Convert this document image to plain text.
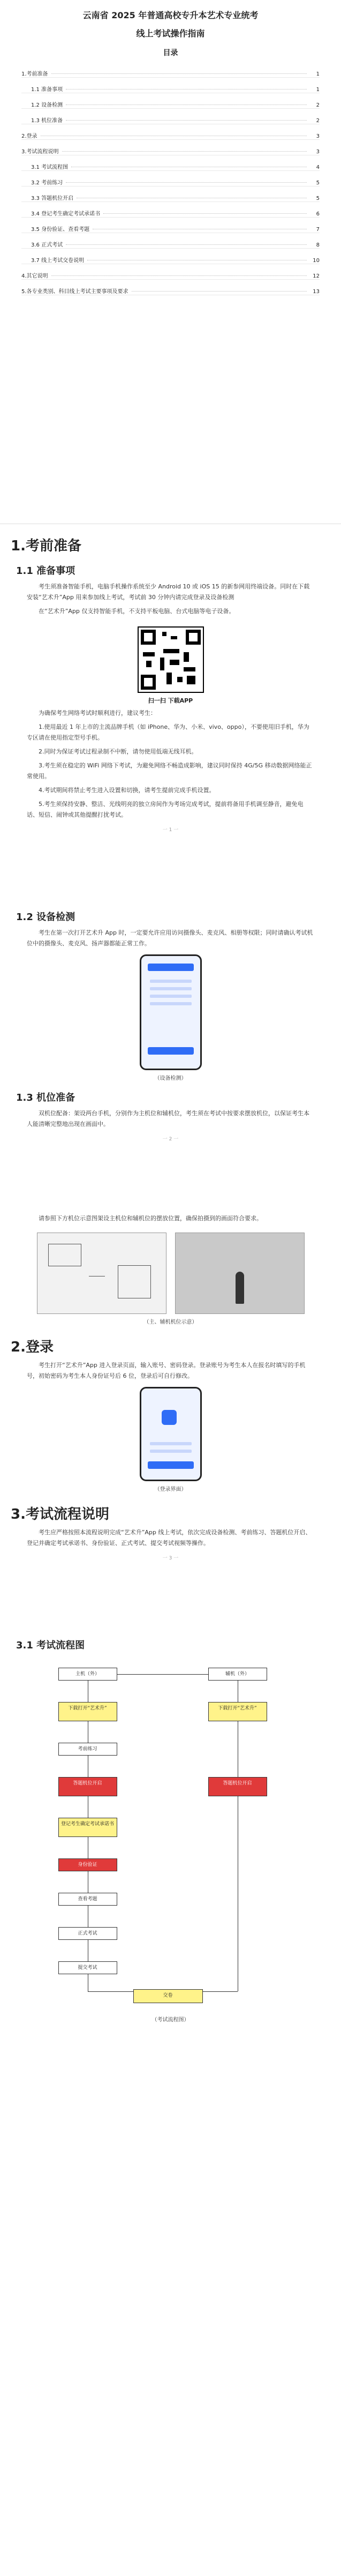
云南省 2025 年普通高校专升本艺术专业统考
线上考试操作指南
目录
1.考前准备	1
1.1 准备事项	1
1.2 设备检测	2
1.3 机位准备	2
2.登录	3
3.考试流程说明	3
3.1 考试流程图	4
3.2 考前练习	5
3.3 答题机位开启	5
3.4 登记考生确定考试承诺书	6
3.5 身份验证、查看考题	7
3.6 正式考试	8
3.7 线上考试交卷说明	10
4.其它说明	12
5.各专业类别、科目线上考试主要事项及要求	13
1.考前准备
1.1 准备事项

考生须准备智能手机，电脑手机操作系统至少 Android 10 或 iOS 15 的新参网用终端设备。同时在下载安装“艺术升”App 用来参加线上考试，考试前 30 分钟内请完成登录及设备检测

在“艺术升”App 仅支持智能手机，不支持平板电脑、台式电脑等电子设备。

扫一扫 下载APP

为确保考生网络考试时顺利进行，建议考生：

1.使用最近 1 年上市的主流品牌手机（如 iPhone、华为、小米、vivo、oppo），不要使用旧手机，华为专区请在使用指定型号手机。

2.同时为保证考试过程录制不中断，请勿使用低端无线耳机。

3.考生须在稳定的 WiFi 网络下考试，为避免网络不畅造成影响，建议同时保持 4G/5G 移动数据网络能正常使用。

4.考试期间将禁止考生进入设置和切换，请考生提前完成手机设置。

5.考生须保持安静、整洁、光线明亮的独立房间作为考场完成考试，提前将备用手机调至静音，避免电话、短信、闹钟或其他提醒打扰考试。

一 1 一
1.2 设备检测

考生在第一次打开艺术升 App 时，一定要允许应用访问摄像头、麦克风、相册等权限；同时请确认考试机位中的摄像头、麦克风、扬声器都能正常工作。

（设备检测）
1.3 机位准备

双机位配备：架设两台手机，分别作为主机位和辅机位，考生须在考试中按要求摆放机位，以保证考生本人能清晰完整地出现在画面中。

一 2 一

请参照下方机位示意图架设主机位和辅机位的摆放位置，确保拍摄到的画面符合要求。

（主、辅机机位示意）
2.登录

考生打开“艺术升”App 进入登录页面，输入账号、密码登录。登录账号为考生本人在报名时填写的手机号，初始密码为考生本人身份证号后 6 位，登录后可自行修改。

（登录界面）
3.考试流程说明

考生应严格按照本流程说明完成“艺术升”App 线上考试，依次完成设备检测、考前练习、答题机位开启、登记并确定考试承诺书、身份验证、正式考试、提交考试视频等操作。

一 3 一
3.1 考试流程图
主机（外）	辅机（外）
下载打开“艺术升”	下载打开“艺术升”
考前练习
答题机位开启	答题机位开启
登记考生确定考试承诺书
身份验证
查看考题
正式考试
提交考试
交卷
（考试流程图）
